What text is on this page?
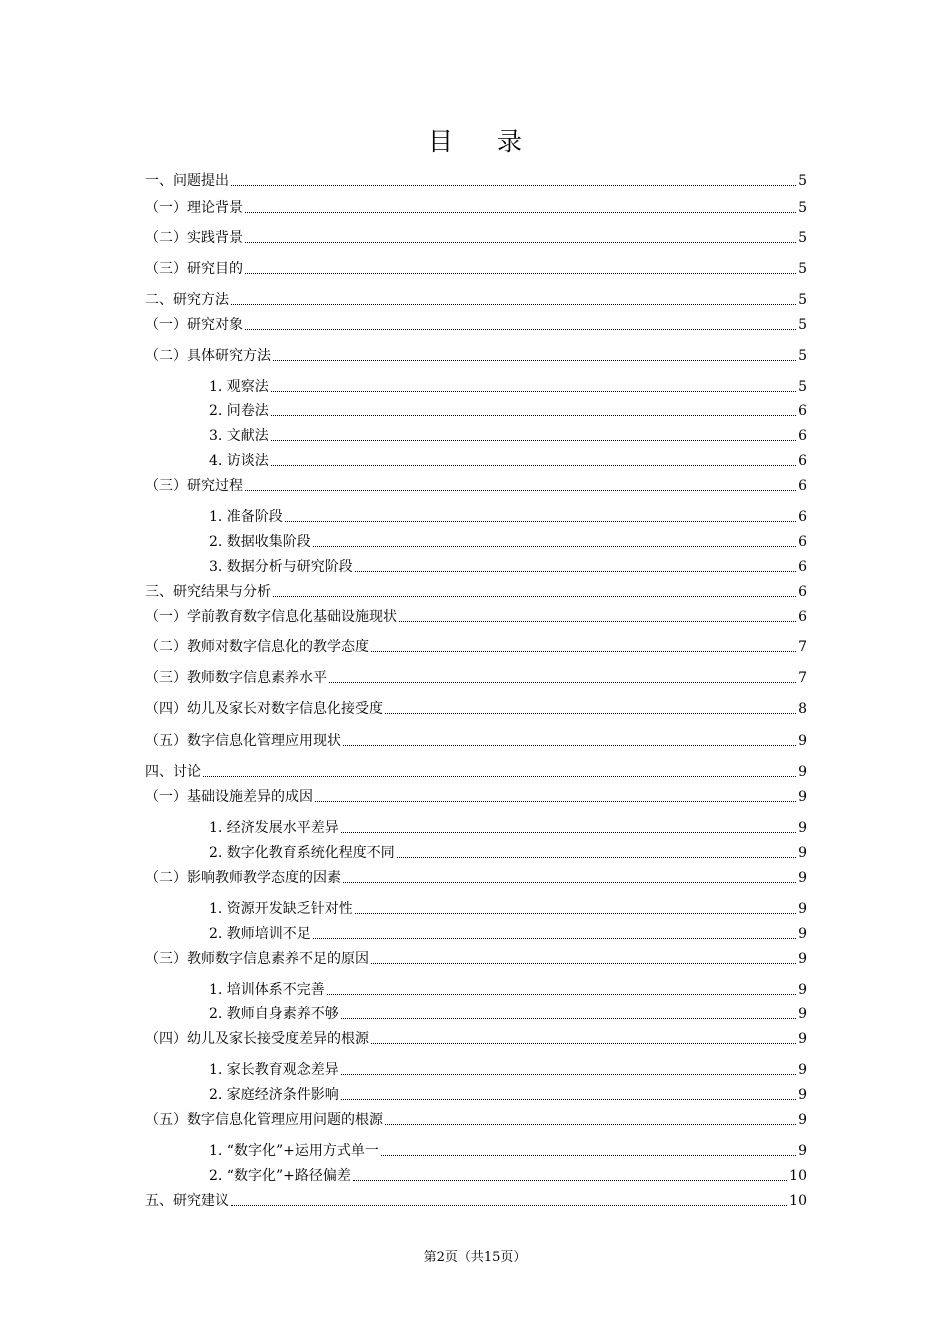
目录
一、问题提出	5
（一）理论背景	5
（二）实践背景	5
（三）研究目的	5
二、研究方法	5
（一）研究对象	5
（二）具体研究方法	5
1. 观察法	5
2. 问卷法	6
3. 文献法	6
4. 访谈法	6
（三）研究过程	6
1. 准备阶段	6
2. 数据收集阶段	6
3. 数据分析与研究阶段	6
三、研究结果与分析	6
（一）学前教育数字信息化基础设施现状	6
（二）教师对数字信息化的教学态度	7
（三）教师数字信息素养水平	7
（四）幼儿及家长对数字信息化接受度	8
（五）数字信息化管理应用现状	9
四、讨论	9
（一）基础设施差异的成因	9
1. 经济发展水平差异	9
2. 数字化教育系统化程度不同	9
（二）影响教师教学态度的因素	9
1. 资源开发缺乏针对性	9
2. 教师培训不足	9
（三）教师数字信息素养不足的原因	9
1. 培训体系不完善	9
2. 教师自身素养不够	9
（四）幼儿及家长接受度差异的根源	9
1. 家长教育观念差异	9
2. 家庭经济条件影响	9
（五）数字信息化管理应用问题的根源	9
1. “数字化”+运用方式单一	9
2. “数字化”+路径偏差	10
五、研究建议	10
第2页（共15页）
